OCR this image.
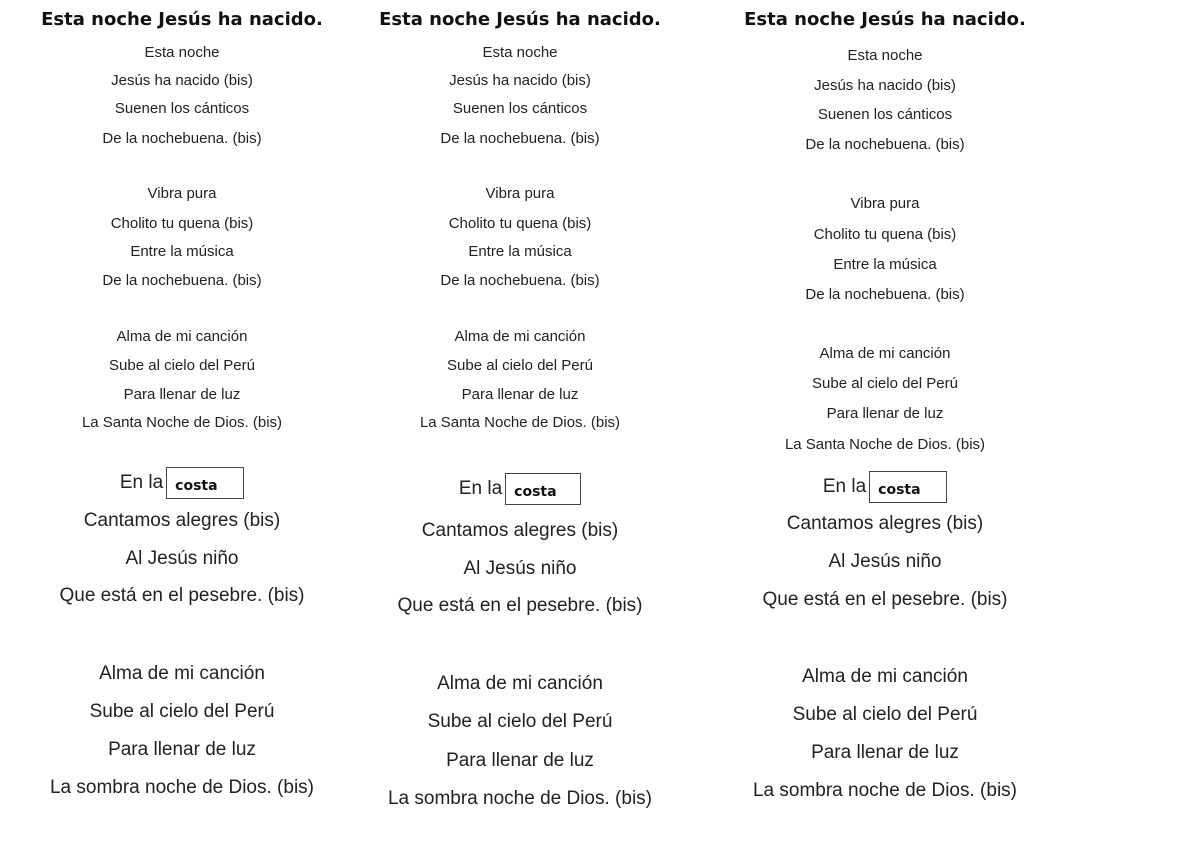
Esta noche Jesús ha nacido.
Esta noche
Jesús ha nacido (bis)
Suenen los cánticos
De la nochebuena. (bis)
Vibra pura
Cholito tu quena (bis)
Entre la música
De la nochebuena. (bis)
Alma de mi canción
Sube al cielo del Perú
Para llenar de luz
La Santa Noche de Dios. (bis)
En la costa
Cantamos alegres (bis)
Al Jesús niño
Que está en el pesebre. (bis)
Alma de mi canción
Sube al cielo del Perú
Para llenar de luz
La sombra noche de Dios. (bis)
Esta noche Jesús ha nacido.
Esta noche
Jesús ha nacido (bis)
Suenen los cánticos
De la nochebuena. (bis)
Vibra pura
Cholito tu quena (bis)
Entre la música
De la nochebuena. (bis)
Alma de mi canción
Sube al cielo del Perú
Para llenar de luz
La Santa Noche de Dios. (bis)
En la costa
Cantamos alegres (bis)
Al Jesús niño
Que está en el pesebre. (bis)
Alma de mi canción
Sube al cielo del Perú
Para llenar de luz
La sombra noche de Dios. (bis)
Esta noche Jesús ha nacido.
Esta noche
Jesús ha nacido (bis)
Suenen los cánticos
De la nochebuena. (bis)
Vibra pura
Cholito tu quena (bis)
Entre la música
De la nochebuena. (bis)
Alma de mi canción
Sube al cielo del Perú
Para llenar de luz
La Santa Noche de Dios. (bis)
En la costa
Cantamos alegres (bis)
Al Jesús niño
Que está en el pesebre. (bis)
Alma de mi canción
Sube al cielo del Perú
Para llenar de luz
La sombra noche de Dios. (bis)
